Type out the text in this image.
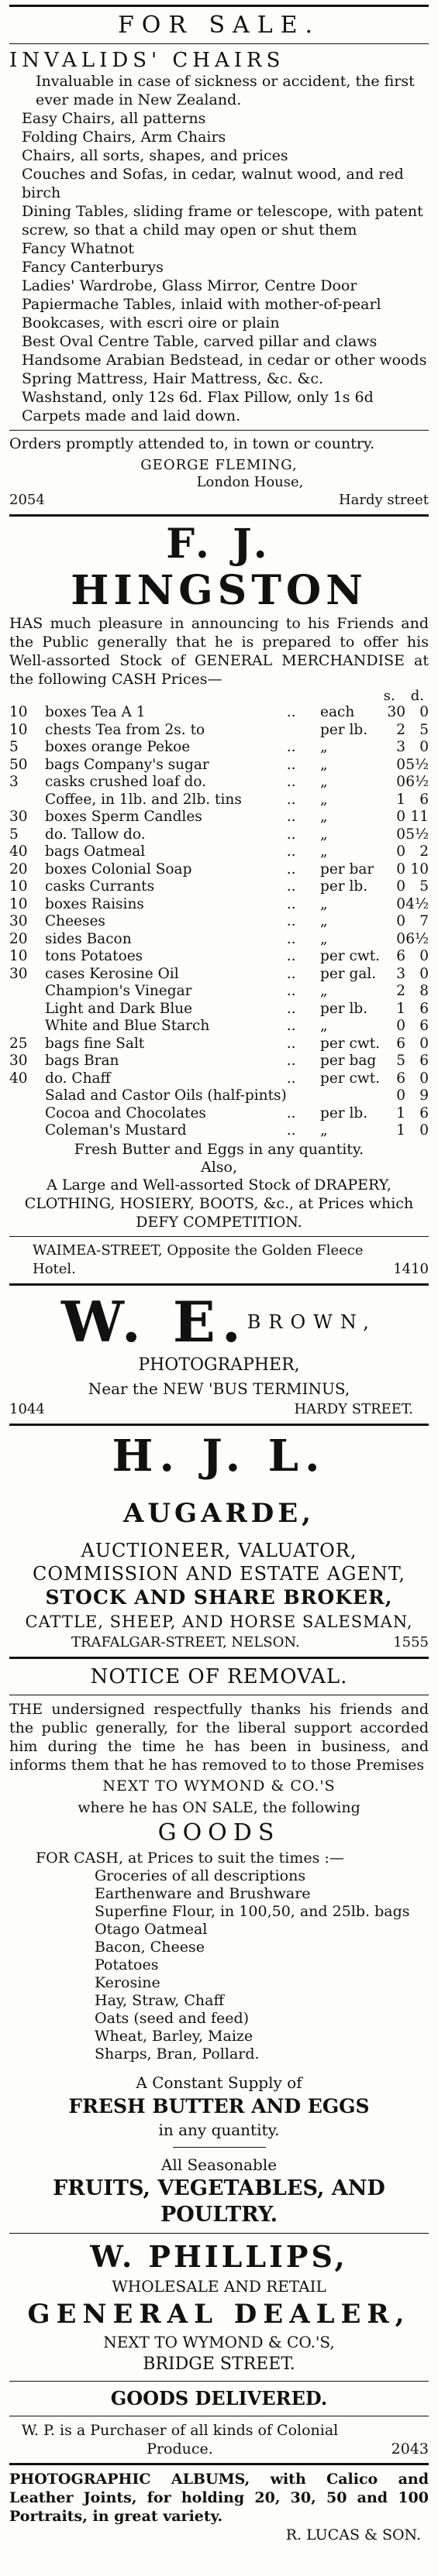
FOR SALE.
INVALIDS' CHAIRS
Invaluable in case of sickness or accident, the first ever made in New Zealand.
Easy Chairs, all patterns
Folding Chairs, Arm Chairs
Chairs, all sorts, shapes, and prices
Couches and Sofas, in cedar, walnut wood, and red birch
Dining Tables, sliding frame or telescope, with patent screw, so that a child may open or shut them
Fancy Whatnot
Fancy Canterburys
Ladies' Wardrobe, Glass Mirror, Centre Door
Papiermache Tables, inlaid with mother-of-pearl
Bookcases, with escri oire or plain
Best Oval Centre Table, carved pillar and claws
Handsome Arabian Bedstead, in cedar or other woods
Spring Mattress, Hair Mattress, &c. &c.
Washstand, only 12s 6d. Flax Pillow, only 1s 6d
Carpets made and laid down.
Orders promptly attended to, in town or country.
GEORGE FLEMING,
London House,
2054	Hardy street
F. J. HINGSTON
HAS much pleasure in announcing to his Friends and the Public generally that he is prepared to offer his Well-assorted Stock of GENERAL MERCHANDISE at the following CASH Prices—
s. d.
10	boxes Tea A 1	..	each	30	0
10	chests Tea from 2s. to		per lb.	2	5
5	boxes orange Pekoe	..	„	3	0
50	bags Company's sugar	..	„	0	5½
3	casks crushed loaf do.	..	„	0	6½
	Coffee, in 1lb. and 2lb. tins	..	„	1	6
30	boxes Sperm Candles	..	„	0	11
5	do. Tallow do.	..	„	0	5½
40	bags Oatmeal	..	„	0	2
20	boxes Colonial Soap	..	per bar	0	10
10	casks Currants	..	per lb.	0	5
10	boxes Raisins	..	„	0	4½
30	Cheeses	..	„	0	7
20	sides Bacon	..	„	0	6½
10	tons Potatoes	..	per cwt.	6	0
30	cases Kerosine Oil	..	per gal.	3	0
	Champion's Vinegar	..	„	2	8
	Light and Dark Blue	..	per lb.	1	6
	White and Blue Starch	..	„	0	6
25	bags fine Salt	..	per cwt.	6	0
30	bags Bran	..	per bag	5	6
40	do. Chaff	..	per cwt.	6	0
	Salad and Castor Oils (half-pints)			0	9
	Cocoa and Chocolates	..	per lb.	1	6
	Coleman's Mustard	..	„	1	0
Fresh Butter and Eggs in any quantity.
Also,
A Large and Well-assorted Stock of DRAPERY, CLOTHING, HOSIERY, BOOTS, &c., at Prices which DEFY COMPETITION.
WAIMEA-STREET, Opposite the Golden Fleece Hotel.	1410
W. E.$^{BROWN,}$
PHOTOGRAPHER,
Near the NEW 'BUS TERMINUS,
1044	HARDY STREET.
H. J. L. AUGARDE,
AUCTIONEER, VALUATOR,
COMMISSION AND ESTATE AGENT,
STOCK AND SHARE BROKER,
CATTLE, SHEEP, AND HORSE SALESMAN,
TRAFALGAR-STREET, NELSON.	1555
NOTICE OF REMOVAL.
THE undersigned respectfully thanks his friends and the public generally, for the liberal support accorded him during the time he has been in business, and informs them that he has removed to to those Premises
NEXT TO WYMOND & CO.'S
where he has ON SALE, the following
GOODS
FOR CASH, at Prices to suit the times :—
Groceries of all descriptions
Earthenware and Brushware
Superfine Flour, in 100,50, and 25lb. bags
Otago Oatmeal
Bacon, Cheese
Potatoes
Kerosine
Hay, Straw, Chaff
Oats (seed and feed)
Wheat, Barley, Maize
Sharps, Bran, Pollard.
A Constant Supply of
FRESH BUTTER AND EGGS
in any quantity.
All Seasonable
FRUITS, VEGETABLES, AND
POULTRY.
W. PHILLIPS,
WHOLESALE AND RETAIL
GENERAL DEALER,
NEXT TO WYMOND & CO.'S,
BRIDGE STREET.
GOODS DELIVERED.
W. P. is a Purchaser of all kinds of Colonial Produce.	2043
PHOTOGRAPHIC ALBUMS, with Calico and Leather Joints, for holding 20, 30, 50 and 100 Portraits, in great variety.
R. LUCAS & SON.
